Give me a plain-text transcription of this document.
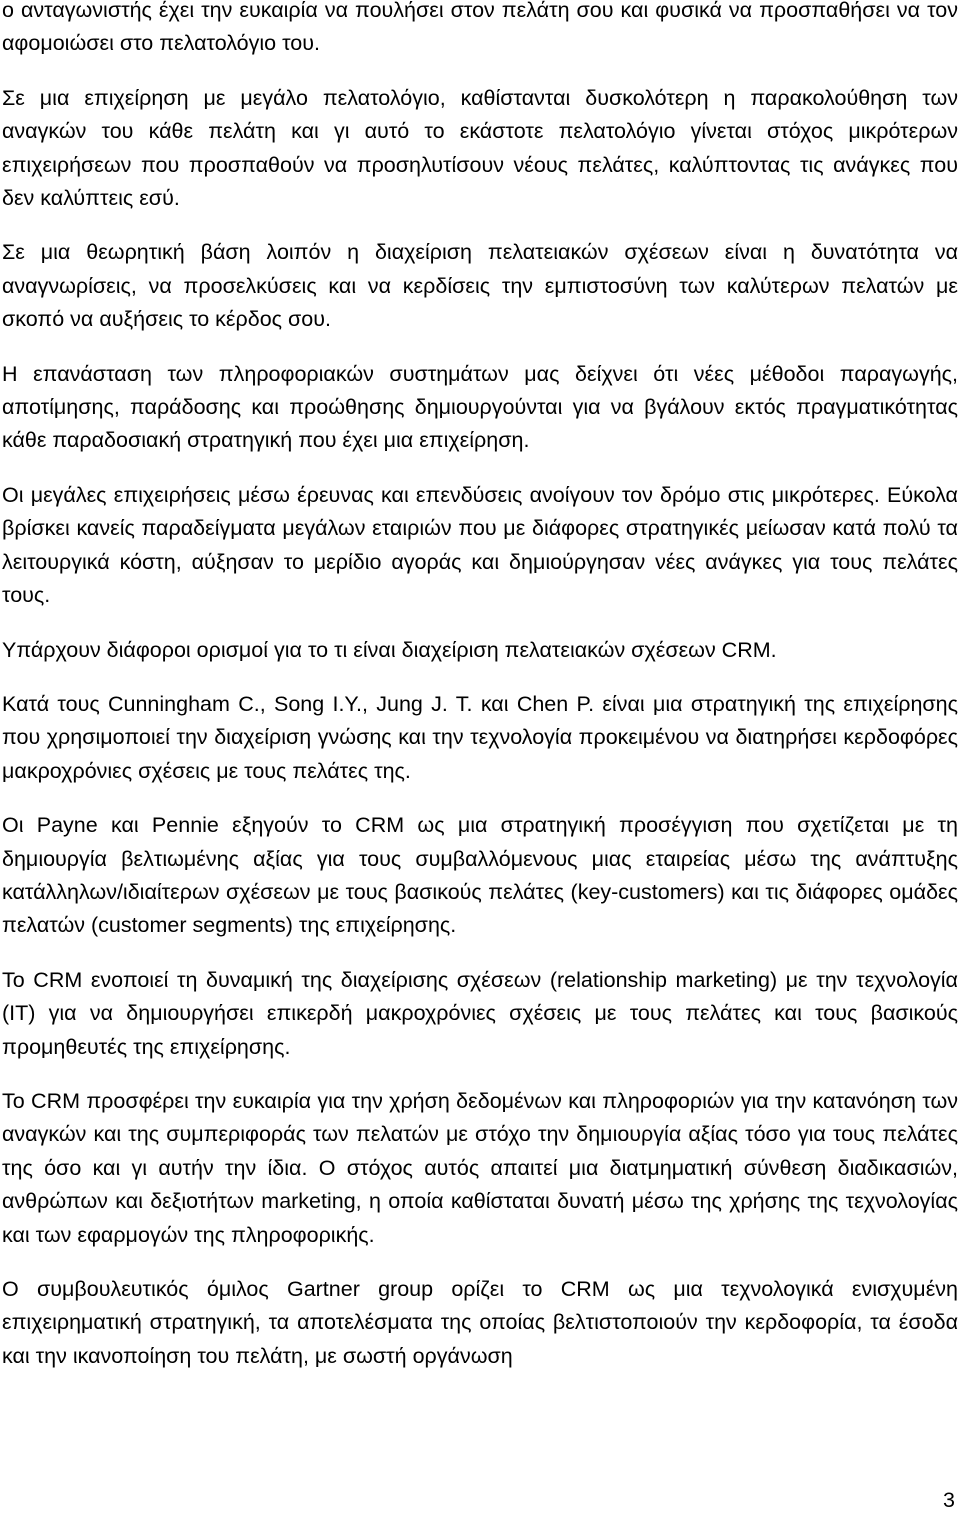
ο ανταγωνιστής έχει την ευκαιρία να πουλήσει στον πελάτη σου και φυσικά να προσπαθήσει να τον αφομοιώσει στο πελατολόγιο του.

Σε μια επιχείρηση με μεγάλο πελατολόγιο, καθίστανται δυσκολότερη η παρακολούθηση των αναγκών του κάθε πελάτη και γι αυτό το εκάστοτε πελατολόγιο γίνεται στόχος μικρότερων επιχειρήσεων που προσπαθούν να προσηλυτίσουν νέους πελάτες, καλύπτοντας τις ανάγκες που δεν καλύπτεις εσύ.

Σε μια θεωρητική βάση λοιπόν η διαχείριση πελατειακών σχέσεων είναι η δυνατότητα να αναγνωρίσεις, να προσελκύσεις και να κερδίσεις την εμπιστοσύνη των καλύτερων πελατών με σκοπό να αυξήσεις το κέρδος σου.

Η επανάσταση των πληροφοριακών συστημάτων μας δείχνει ότι νέες μέθοδοι παραγωγής, αποτίμησης, παράδοσης και προώθησης δημιουργούνται για να βγάλουν εκτός πραγματικότητας κάθε παραδοσιακή στρατηγική που έχει μια επιχείρηση.

Οι μεγάλες επιχειρήσεις μέσω έρευνας και επενδύσεις ανοίγουν τον δρόμο στις μικρότερες. Εύκολα βρίσκει κανείς παραδείγματα μεγάλων εταιριών που με διάφορες στρατηγικές μείωσαν κατά πολύ τα λειτουργικά κόστη, αύξησαν το μερίδιο αγοράς και δημιούργησαν νέες ανάγκες για τους πελάτες τους.

Υπάρχουν διάφοροι ορισμοί για το τι είναι διαχείριση πελατειακών σχέσεων CRM.

Κατά τους Cunningham C., Song I.Y., Jung J. T. και Chen P. είναι μια στρατηγική της επιχείρησης που χρησιμοποιεί την διαχείριση γνώσης και την τεχνολογία προκειμένου να διατηρήσει κερδοφόρες μακροχρόνιες σχέσεις με τους πελάτες της.

Οι Payne και Pennie εξηγούν το CRM ως μια στρατηγική προσέγγιση που σχετίζεται με τη δημιουργία βελτιωμένης αξίας για τους συμβαλλόμενους μιας εταιρείας μέσω της ανάπτυξης κατάλληλων/ιδιαίτερων σχέσεων με τους βασικούς πελάτες (key-customers) και τις διάφορες ομάδες πελατών (customer segments) της επιχείρησης.

Το CRM ενοποιεί τη δυναμική της διαχείρισης σχέσεων (relationship marketing) με την τεχνολογία (IT) για να δημιουργήσει επικερδή μακροχρόνιες σχέσεις με τους πελάτες και τους βασικούς προμηθευτές της επιχείρησης.

Το CRM προσφέρει την ευκαιρία για την χρήση δεδομένων και πληροφοριών για την κατανόηση των αναγκών και της συμπεριφοράς των πελατών με στόχο την δημιουργία αξίας τόσο για τους πελάτες της όσο και γι αυτήν την ίδια. Ο στόχος αυτός απαιτεί μια διατμηματική σύνθεση διαδικασιών, ανθρώπων και δεξιοτήτων marketing, η οποία καθίσταται δυνατή μέσω της χρήσης της τεχνολογίας και των εφαρμογών της πληροφορικής.

Ο συμβουλευτικός όμιλος Gartner group ορίζει το CRM ως μια τεχνολογικά ενισχυμένη επιχειρηματική στρατηγική, τα αποτελέσματα της οποίας βελτιστοποιούν την κερδοφορία, τα έσοδα και την ικανοποίηση του πελάτη, με σωστή οργάνωση

3
